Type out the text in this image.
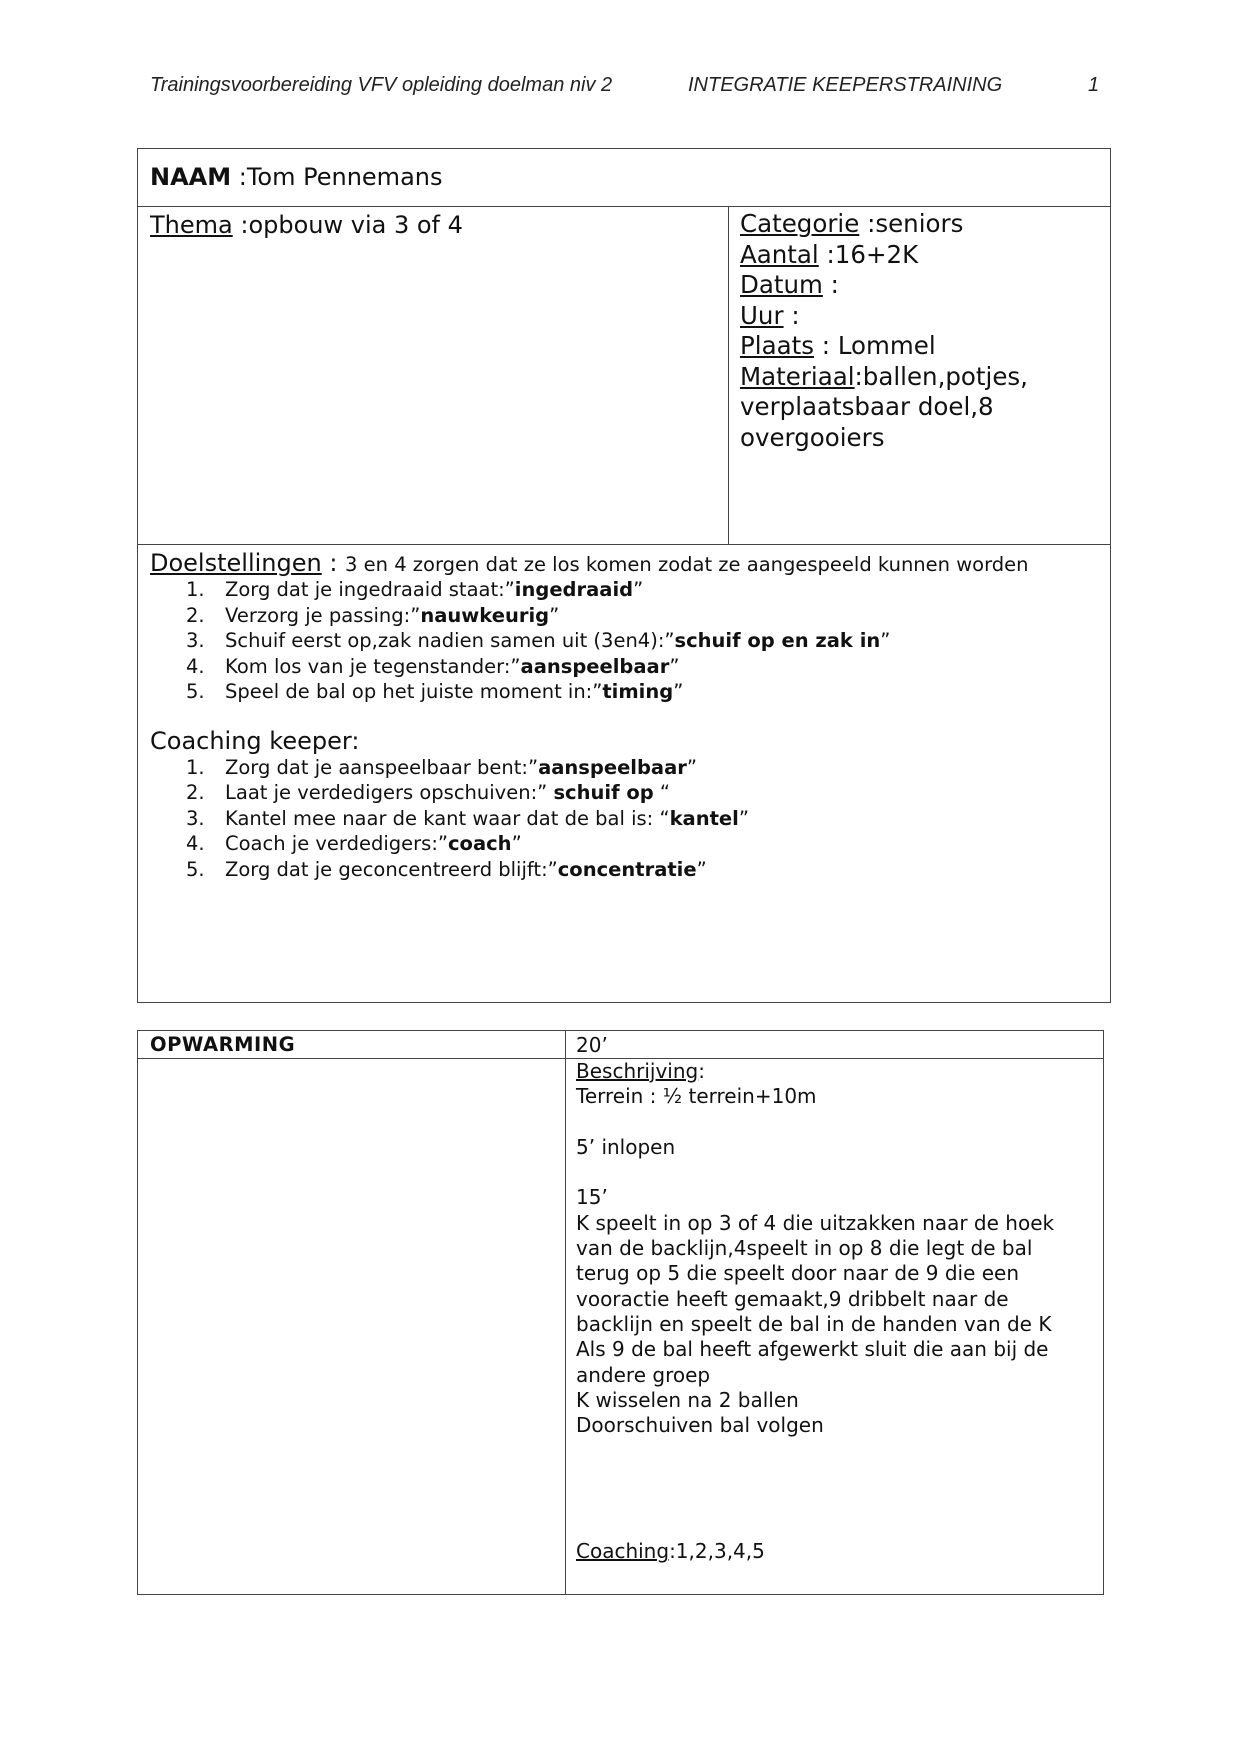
Trainingsvoorbereiding VFV opleiding doelman niv 2	INTEGRATIE KEEPERSTRAINING	1
NAAM :Tom Pennemans
Thema :opbouw via 3 of 4	Categorie :seniors
Aantal :16+2K
Datum :
Uur :
Plaats : Lommel
Materiaal:ballen,potjes, verplaatsbaar doel,8 overgooiers
Doelstellingen : 3 en 4 zorgen dat ze los komen zodat ze aangespeeld kunnen worden
1. Zorg dat je ingedraaid staat:”ingedraaid”
2. Verzorg je passing:”nauwkeurig”
3. Schuif eerst op,zak nadien samen uit (3en4):”schuif op en zak in”
4. Kom los van je tegenstander:”aanspeelbaar”
5. Speel de bal op het juiste moment in:”timing”
Coaching keeper:
1. Zorg dat je aanspeelbaar bent:”aanspeelbaar”
2. Laat je verdedigers opschuiven:” schuif op “
3. Kantel mee naar de kant waar dat de bal is: “kantel”
4. Coach je verdedigers:”coach”
5. Zorg dat je geconcentreerd blijft:”concentratie”
OPWARMING	20’
Beschrijving:
Terrein : ½ terrein+10m
5’ inlopen
15’
K speelt in op 3 of 4 die uitzakken naar de hoek van de backlijn,4speelt in op 8 die legt de bal terug op 5 die speelt door naar de 9 die een vooractie heeft gemaakt,9 dribbelt naar de backlijn en speelt de bal in de handen van de K
Als 9 de bal heeft afgewerkt sluit die aan bij de andere groep
K wisselen na 2 ballen
Doorschuiven bal volgen
Coaching:1,2,3,4,5
